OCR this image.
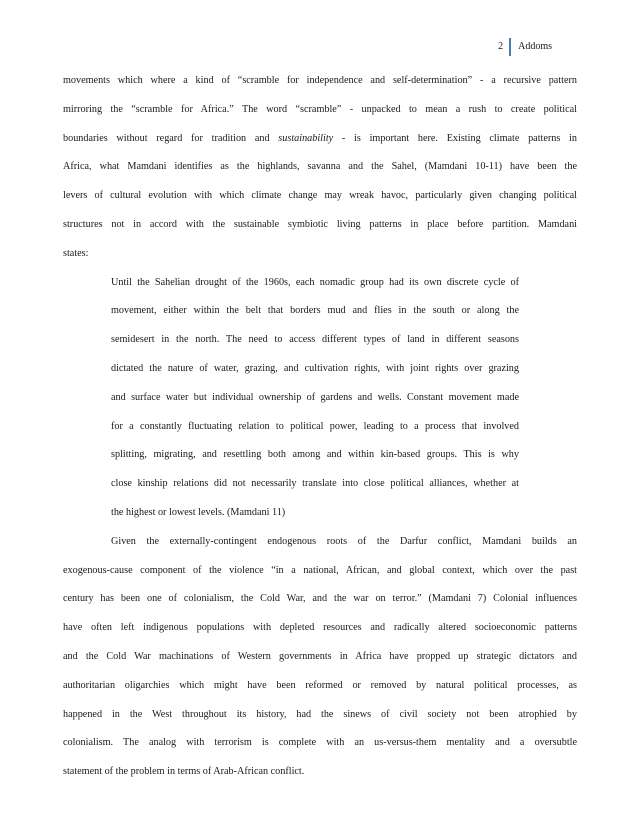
2	Addoms

movements which where a kind of “scramble for independence and self-determination” - a recursive pattern

mirroring the “scramble for Africa.” The word “scramble” - unpacked to mean a rush to create political

boundaries without regard for tradition and sustainability - is important here. Existing climate patterns in

Africa, what Mamdani identifies as the highlands, savanna and the Sahel, (Mamdani 10-11) have been the

levers of cultural evolution with which climate change may wreak havoc, particularly given changing political

structures not in accord with the sustainable symbiotic living patterns in place before partition. Mamdani

states:

Until the Sahelian drought of the 1960s, each nomadic group had its own discrete cycle of

movement, either within the belt that borders mud and flies in the south or along the

semidesert in the north. The need to access different types of land in different seasons

dictated the nature of water, grazing, and cultivation rights, with joint rights over grazing

and surface water but individual ownership of gardens and wells. Constant movement made

for a constantly fluctuating relation to political power, leading to a process that involved

splitting, migrating, and resettling both among and within kin-based groups. This is why

close kinship relations did not necessarily translate into close political alliances, whether at

the highest or lowest levels. (Mamdani 11)

Given the externally-contingent endogenous roots of the Darfur conflict, Mamdani builds an

exogenous-cause component of the violence “in a national, African, and global context, which over the past

century has been one of colonialism, the Cold War, and the war on terror.” (Mamdani 7) Colonial influences

have often left indigenous populations with depleted resources and radically altered socioeconomic patterns

and the Cold War machinations of Western governments in Africa have propped up strategic dictators and

authoritarian oligarchies which might have been reformed or removed by natural political processes, as

happened in the West throughout its history, had the sinews of civil society not been atrophied by

colonialism. The analog with terrorism is complete with an us-versus-them mentality and a oversubtle

statement of the problem in terms of Arab-African conflict.
